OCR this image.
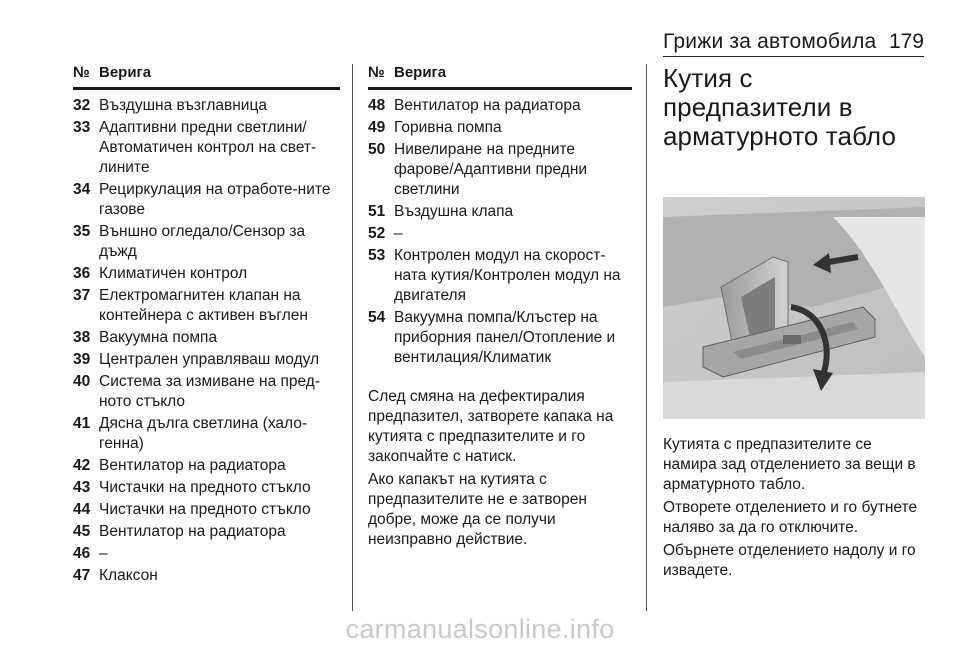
Грижи за автомобила 179
№ Верига
32 Въздушна възглавница
33 Адаптивни предни светлини/Автоматичен контрол на свет-лините
34 Рециркулация на отработе-ните газове
35 Външно огледало/Сензор за дъжд
36 Климатичен контрол
37 Електромагнитен клапан на контейнера с активен въглен
38 Вакуумна помпа
39 Централен управляваш модул
40 Система за измиване на пред-ното стъкло
41 Дясна дълга светлина (хало-генна)
42 Вентилатор на радиатора
43 Чистачки на предното стъкло
44 Чистачки на предното стъкло
45 Вентилатор на радиатора
46 –
47 Клаксон
№ Верига
48 Вентилатор на радиатора
49 Горивна помпа
50 Нивелиране на предните фарове/Адаптивни предни светлини
51 Въздушна клапа
52 –
53 Контролен модул на скорост-ната кутия/Контролен модул на двигателя
54 Вакуумна помпа/Клъстер на приборния панел/Отопление и вентилация/Климатик

След смяна на дефектиралия предпазител, затворете капака на кутията с предпазителите и го закопчайте с натиск.

Ако капакът на кутията с предпазителите не е затворен добре, може да се получи неизправно действие.

Кутия с предпазители в
арматурното табло

Кутията с предпазителите се намира зад отделението за вещи в арматурното табло.

Отворете отделението и го бутнете наляво за да го отключите.

Обърнете отделението надолу и го извадете.

carmanualsonline.info
